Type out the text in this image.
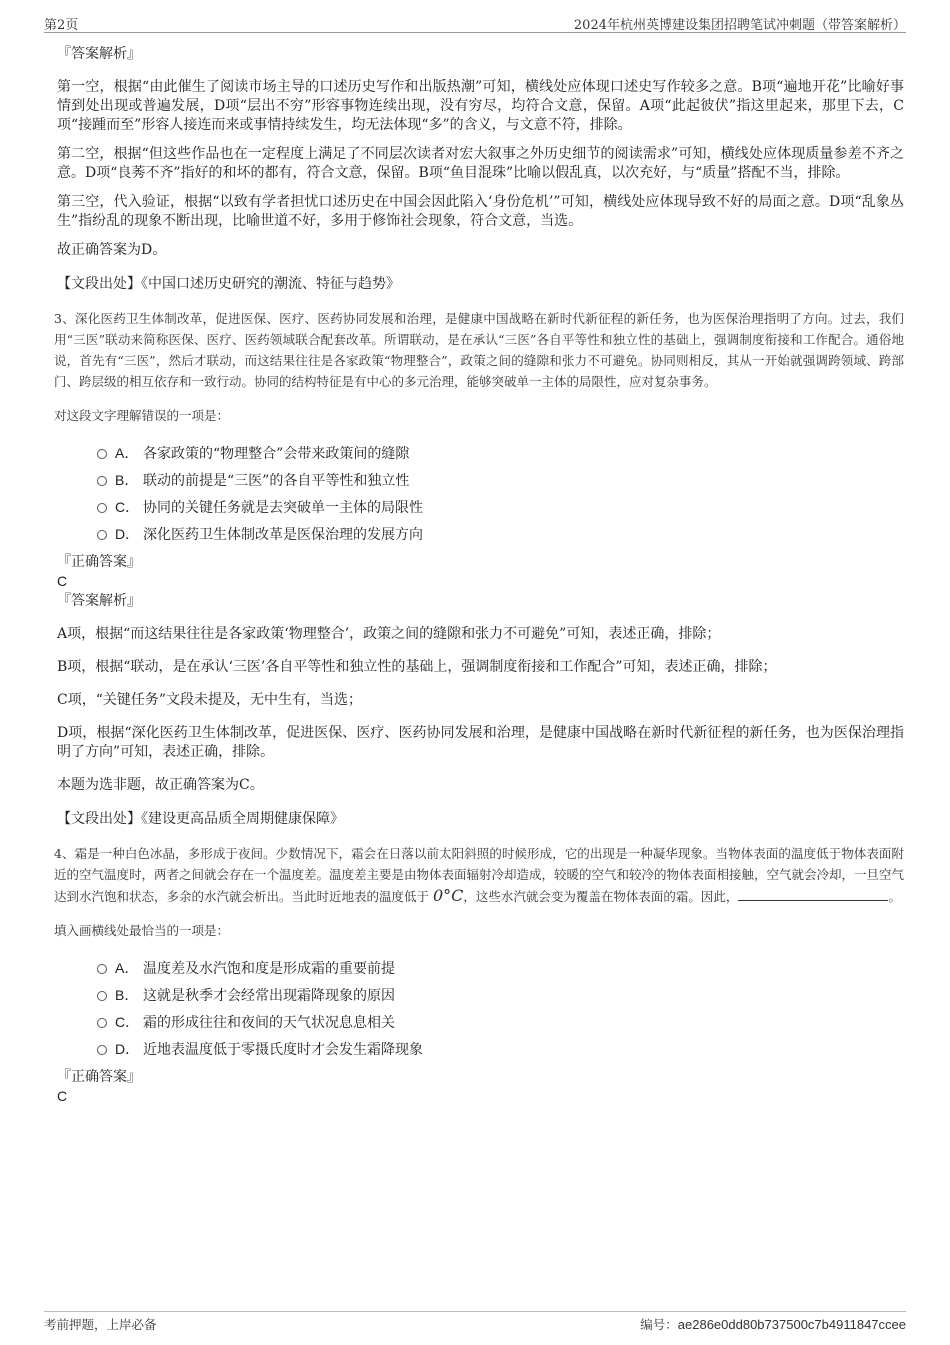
第2页	2024年杭州英博建设集团招聘笔试冲刺题（带答案解析）
『答案解析』

第一空，根据“由此催生了阅读市场主导的口述历史写作和出版热潮”可知，横线处应体现口述史写作较多之意。B项“遍地开花”比喻好事情到处出现或普遍发展，D项“层出不穷”形容事物连续出现，没有穷尽，均符合文意，保留。A项“此起彼伏”指这里起来，那里下去，C项“接踵而至”形容人接连而来或事情持续发生，均无法体现“多”的含义，与文意不符，排除。

第二空，根据“但这些作品也在一定程度上满足了不同层次读者对宏大叙事之外历史细节的阅读需求”可知，横线处应体现质量参差不齐之意。D项“良莠不齐”指好的和坏的都有，符合文意，保留。B项“鱼目混珠”比喻以假乱真，以次充好，与“质量”搭配不当，排除。

第三空，代入验证，根据“以致有学者担忧口述历史在中国会因此陷入‘身份危机’”可知，横线处应体现导致不好的局面之意。D项“乱象丛生”指纷乱的现象不断出现，比喻世道不好，多用于修饰社会现象，符合文意，当选。

故正确答案为D。

【文段出处】《中国口述历史研究的潮流、特征与趋势》
3、深化医药卫生体制改革，促进医保、医疗、医药协同发展和治理，是健康中国战略在新时代新征程的新任务，也为医保治理指明了方向。过去，我们用“三医”联动来简称医保、医疗、医药领域联合配套改革。所谓联动，是在承认“三医”各自平等性和独立性的基础上，强调制度衔接和工作配合。通俗地说，首先有“三医”，然后才联动，而这结果往往是各家政策“物理整合”，政策之间的缝隙和张力不可避免。协同则相反，其从一开始就强调跨领域、跨部门、跨层级的相互依存和一致行动。协同的结构特征是有中心的多元治理，能够突破单一主体的局限性，应对复杂事务。
对这段文字理解错误的一项是：
A． 各家政策的“物理整合”会带来政策间的缝隙
B． 联动的前提是“三医”的各自平等性和独立性
C． 协同的关键任务就是去突破单一主体的局限性
D． 深化医药卫生体制改革是医保治理的发展方向
『正确答案』
C
『答案解析』

A项，根据“而这结果往往是各家政策‘物理整合’，政策之间的缝隙和张力不可避免”可知，表述正确，排除；

B项，根据“联动，是在承认‘三医’各自平等性和独立性的基础上，强调制度衔接和工作配合”可知，表述正确，排除；

C项，“关键任务”文段未提及，无中生有，当选；

D项，根据“深化医药卫生体制改革，促进医保、医疗、医药协同发展和治理，是健康中国战略在新时代新征程的新任务，也为医保治理指明了方向”可知，表述正确，排除。

本题为选非题，故正确答案为C。

【文段出处】《建设更高品质全周期健康保障》
4、霜是一种白色冰晶，多形成于夜间。少数情况下，霜会在日落以前太阳斜照的时候形成，它的出现是一种凝华现象。当物体表面的温度低于物体表面附近的空气温度时，两者之间就会存在一个温度差。温度差主要是由物体表面辐射冷却造成，较暖的空气和较冷的物体表面相接触，空气就会冷却，一旦空气达到水汽饱和状态，多余的水汽就会析出。当此时近地表的温度低于 0°C，这些水汽就会变为覆盖在物体表面的霜。因此，	。
填入画横线处最恰当的一项是：
A． 温度差及水汽饱和度是形成霜的重要前提
B． 这就是秋季才会经常出现霜降现象的原因
C． 霜的形成往往和夜间的天气状况息息相关
D． 近地表温度低于零摄氏度时才会发生霜降现象
『正确答案』
C
考前押题，上岸必备	编号：ae286e0dd80b737500c7b4911847ccee
